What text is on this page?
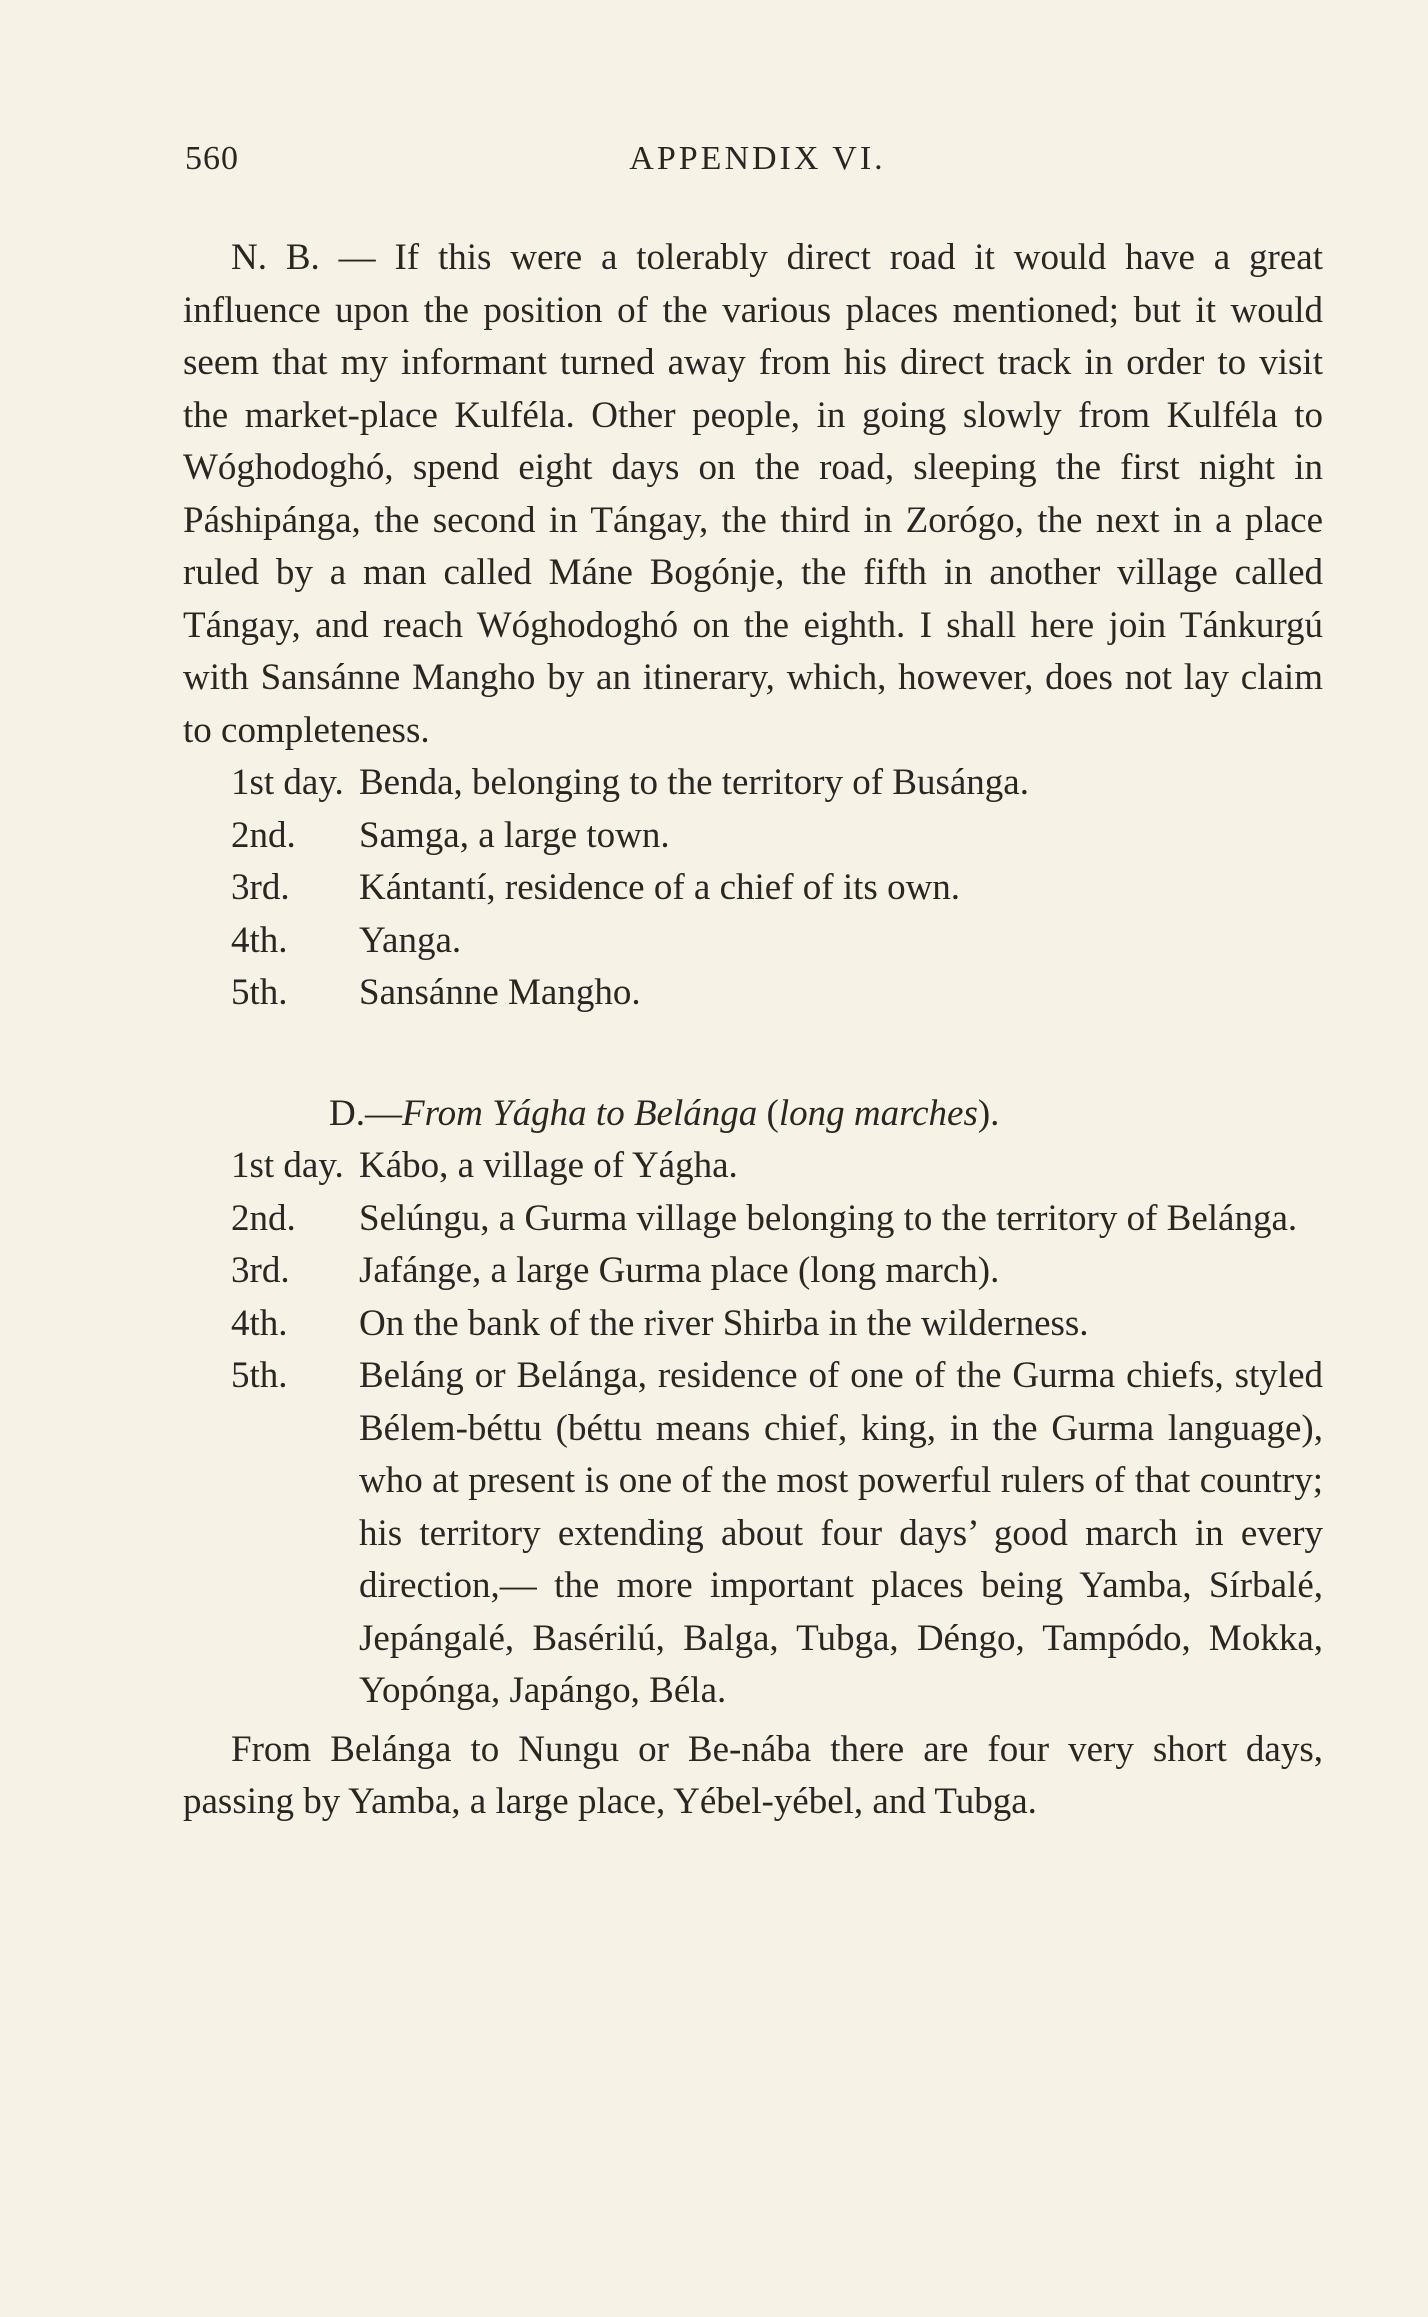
560	APPENDIX VI.

N. B. — If this were a tolerably direct road it would have a great influence upon the position of the various places mentioned; but it would seem that my informant turned away from his direct track in order to visit the market-place Kulféla. Other people, in going slowly from Kulféla to Wóghodoghó, spend eight days on the road, sleeping the first night in Páshipánga, the second in Tángay, the third in Zorógo, the next in a place ruled by a man called Máne Bogónje, the fifth in another village called Tángay, and reach Wóghodoghó on the eighth. I shall here join Tánkurgú with Sansánne Mangho by an itinerary, which, however, does not lay claim to completeness.

1st day. Benda, belonging to the territory of Busánga.

2nd. Samga, a large town.

3rd. Kántantí, residence of a chief of its own.

4th. Yanga.

5th. Sansánne Mangho.

D.—From Yágha to Belánga (long marches).

1st day. Kábo, a village of Yágha.

2nd. Selúngu, a Gurma village belonging to the territory of Belánga.

3rd. Jafánge, a large Gurma place (long march).

4th. On the bank of the river Shirba in the wilderness.

5th. Beláng or Belánga, residence of one of the Gurma chiefs, styled Bélem-béttu (béttu means chief, king, in the Gurma language), who at present is one of the most powerful rulers of that country; his territory extending about four days’ good march in every direction,— the more important places being Yamba, Sírbalé, Jepángalé, Basérilú, Balga, Tubga, Déngo, Tampódo, Mokka, Yopónga, Japángo, Béla.

From Belánga to Nungu or Be-nába there are four very short days, passing by Yamba, a large place, Yébel-yébel, and Tubga.
